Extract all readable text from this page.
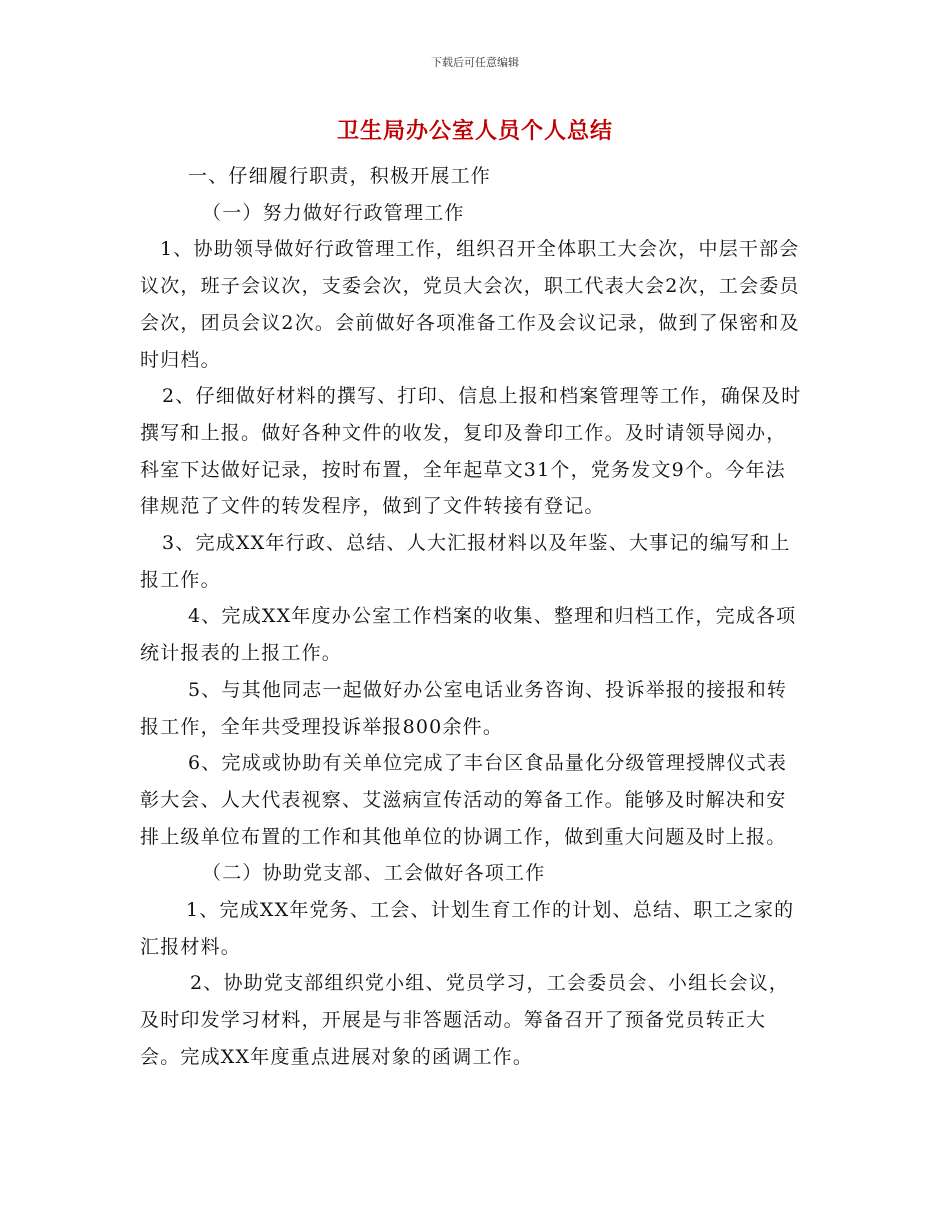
下载后可任意编辑
卫生局办公室人员个人总结

一、仔细履行职责，积极开展工作

（一）努力做好行政管理工作

1、协助领导做好行政管理工作，组织召开全体职工大会次，中层干部会议次，班子会议次，支委会次，党员大会次，职工代表大会2次，工会委员会次，团员会议2次。会前做好各项准备工作及会议记录，做到了保密和及时归档。

2、仔细做好材料的撰写、打印、信息上报和档案管理等工作，确保及时撰写和上报。做好各种文件的收发，复印及誊印工作。及时请领导阅办，科室下达做好记录，按时布置，全年起草文31个，党务发文9个。今年法律规范了文件的转发程序，做到了文件转接有登记。

3、完成XX年行政、总结、人大汇报材料以及年鉴、大事记的编写和上报工作。

4、完成XX年度办公室工作档案的收集、整理和归档工作，完成各项统计报表的上报工作。

5、与其他同志一起做好办公室电话业务咨询、投诉举报的接报和转报工作，全年共受理投诉举报800余件。

6、完成或协助有关单位完成了丰台区食品量化分级管理授牌仪式表彰大会、人大代表视察、艾滋病宣传活动的筹备工作。能够及时解决和安排上级单位布置的工作和其他单位的协调工作，做到重大问题及时上报。

（二）协助党支部、工会做好各项工作

1、完成XX年党务、工会、计划生育工作的计划、总结、职工之家的汇报材料。

2、协助党支部组织党小组、党员学习，工会委员会、小组长会议，及时印发学习材料，开展是与非答题活动。筹备召开了预备党员转正大会。完成XX年度重点进展对象的函调工作。
